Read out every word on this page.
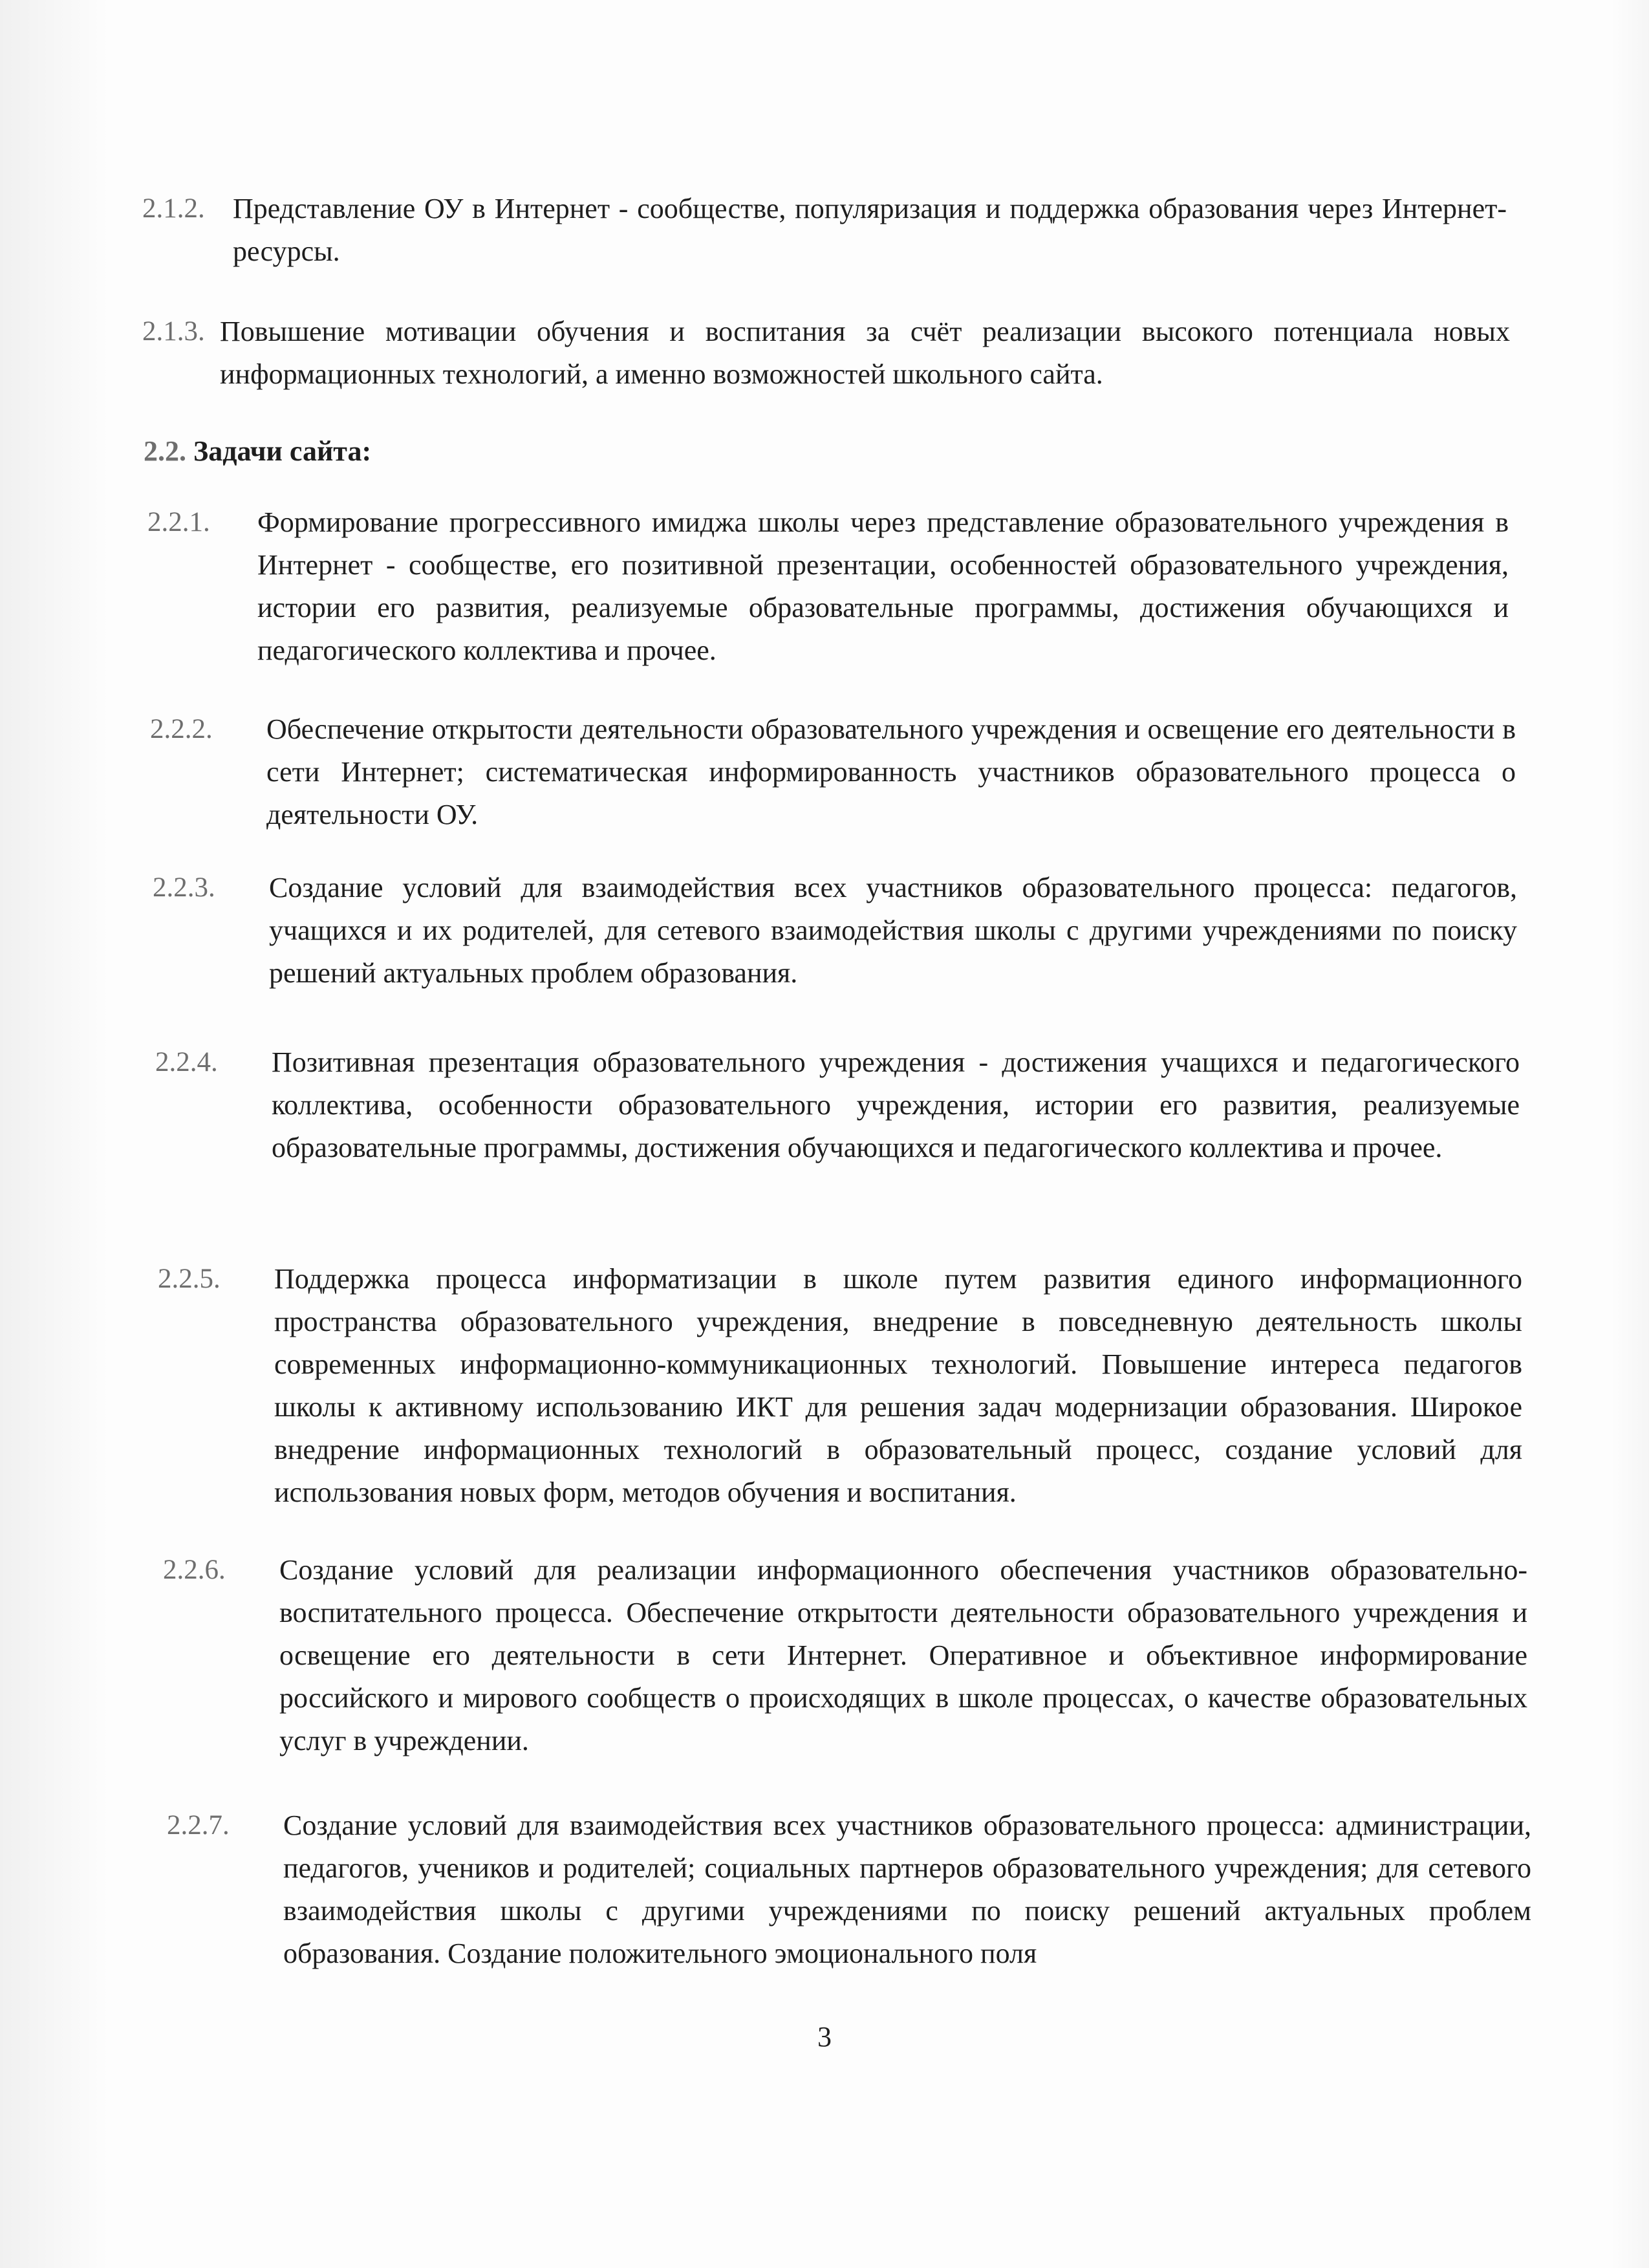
2.1.2. Представление ОУ в Интернет - сообществе, популяризация и поддержка образования через Интернет-ресурсы.
2.1.3. Повышение мотивации обучения и воспитания за счёт реализации высокого потенциала новых информационных технологий, а именно возможностей школьного сайта.
2.2. Задачи сайта:
2.2.1.	Формирование прогрессивного имиджа школы через представление образовательного учреждения в Интернет - сообществе, его позитивной презентации, особенностей образовательного учреждения, истории его развития, реализуемые образовательные программы, достижения обучающихся и педагогического коллектива и прочее.
2.2.2.	Обеспечение открытости деятельности образовательного учреждения и освещение его деятельности в сети Интернет; систематическая информированность участников образовательного процесса о деятельности ОУ.
2.2.3.	Создание условий для взаимодействия всех участников образовательного процесса: педагогов, учащихся и их родителей, для сетевого взаимодействия школы с другими учреждениями по поиску решений актуальных проблем образования.
2.2.4.	Позитивная презентация образовательного учреждения - достижения учащихся и педагогического коллектива, особенности образовательного учреждения, истории его развития, реализуемые образовательные программы, достижения обучающихся и педагогического коллектива и прочее.
2.2.5.	Поддержка процесса информатизации в школе путем развития единого информационного пространства образовательного учреждения, внедрение в повседневную деятельность школы современных информационно-коммуникационных технологий. Повышение интереса педагогов школы к активному использованию ИКТ для решения задач модернизации образования. Широкое внедрение информационных технологий в образовательный процесс, создание условий для использования новых форм, методов обучения и воспитания.
2.2.6.	Создание условий для реализации информационного обеспечения участников образовательно-воспитательного процесса. Обеспечение открытости деятельности образовательного учреждения и освещение его деятельности в сети Интернет. Оперативное и объективное информирование российского и мирового сообществ о происходящих в школе процессах, о качестве образовательных услуг в учреждении.
2.2.7.	Создание условий для взаимодействия всех участников образовательного процесса: администрации, педагогов, учеников и родителей; социальных партнеров образовательного учреждения; для сетевого взаимодействия школы с другими учреждениями по поиску решений актуальных проблем образования. Создание положительного эмоционального поля
3
